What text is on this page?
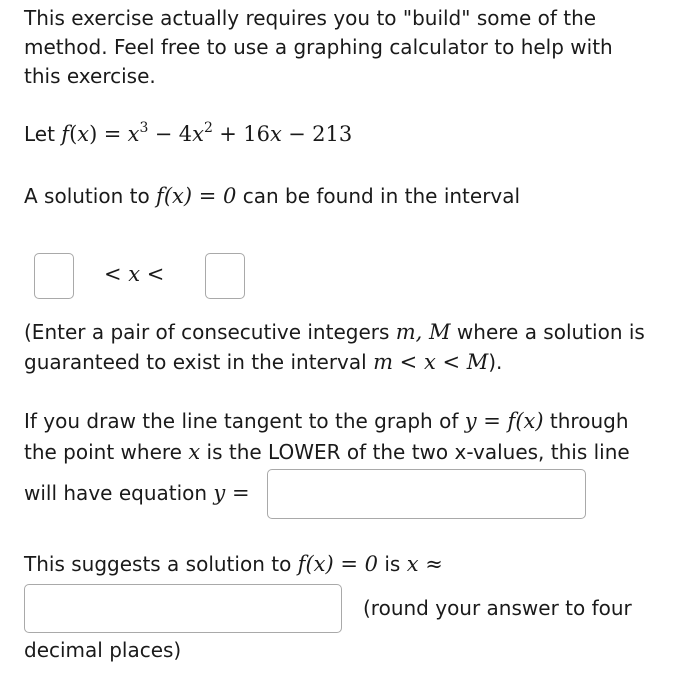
This exercise actually requires you to "build" some of the

method. Feel free to use a graphing calculator to help with

this exercise.

Let $f(x) = x^3 - 4x^2 + 16x - 213$

A solution to f(x) = 0 can be found in the interval

< x <

(Enter a pair of consecutive integers m, M where a solution is

guaranteed to exist in the interval m < x < M).

If you draw the line tangent to the graph of y = f(x) through

the point where x is the LOWER of the two x-values, this line

will have equation y =

This suggests a solution to f(x) = 0 is x ≈

(round your answer to four

decimal places)
